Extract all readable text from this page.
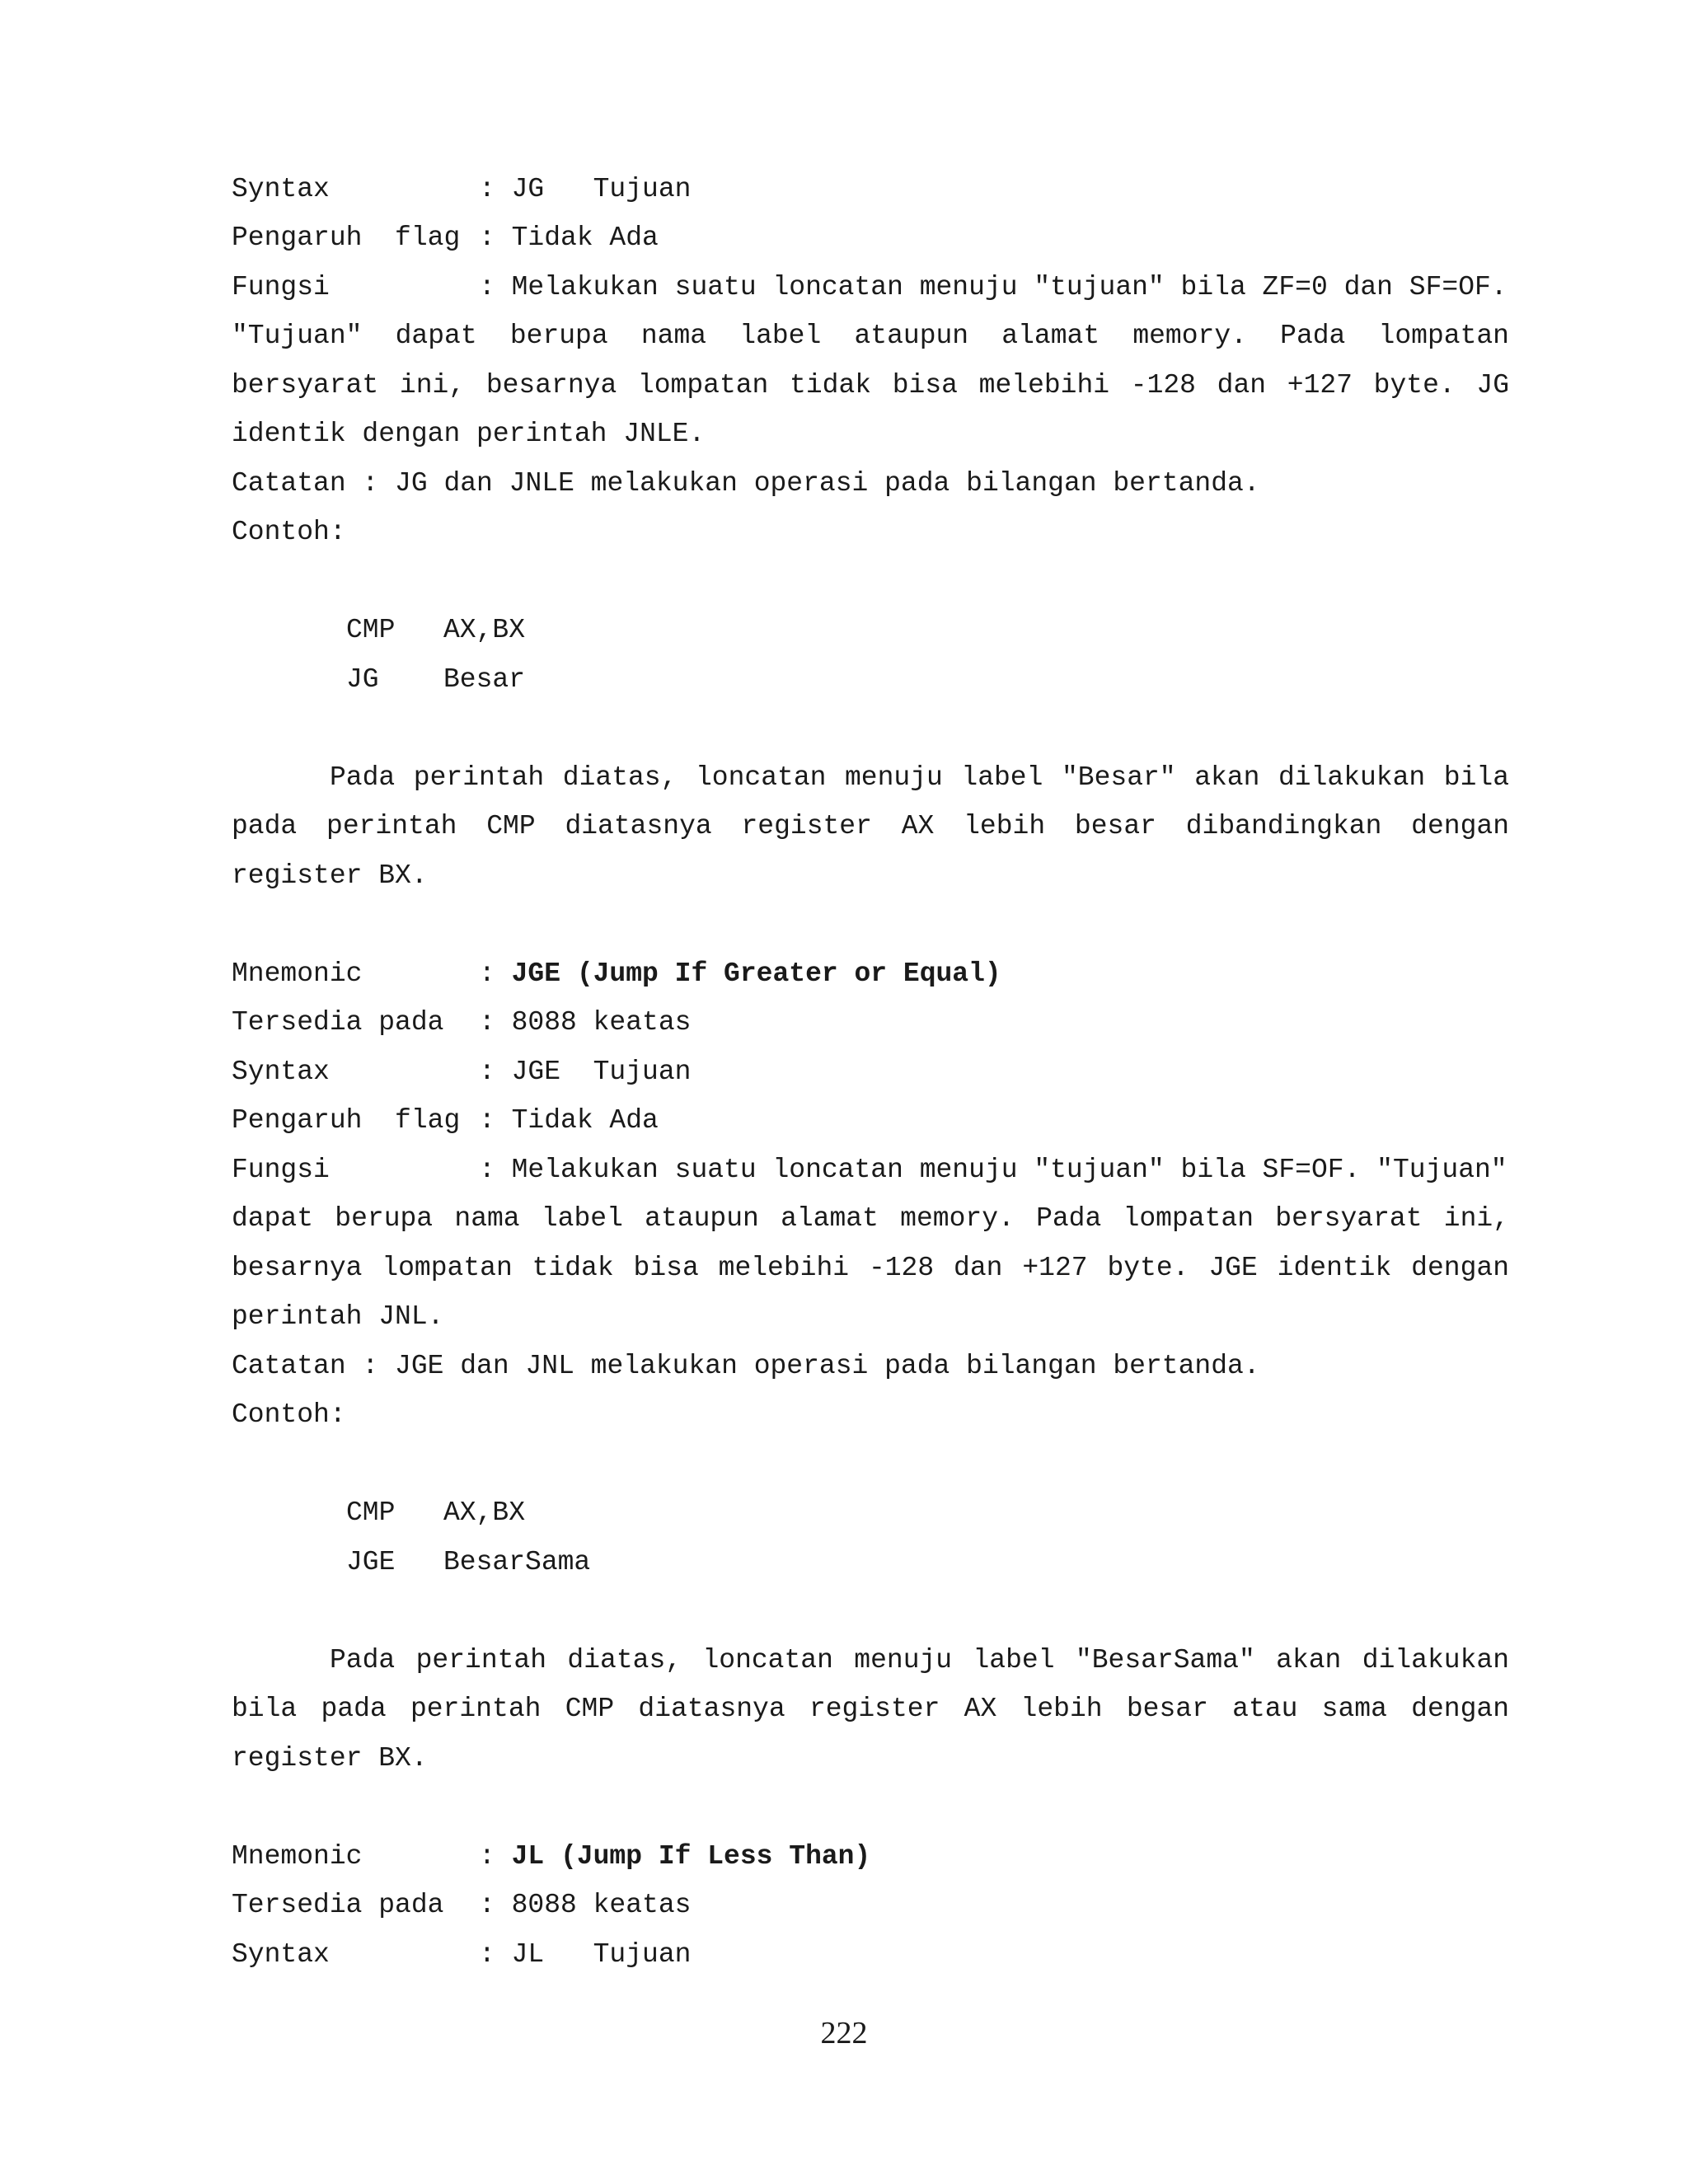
Syntax	: JG   Tujuan
Pengaruh  flag : Tidak Ada
Fungsi	: Melakukan suatu loncatan menuju "tujuan" bila ZF=0 dan SF=OF.
"Tujuan" dapat berupa nama label ataupun alamat memory. Pada lompatan
bersyarat ini, besarnya lompatan tidak bisa melebihi -128 dan +127 byte. JG
identik dengan perintah JNLE.
Catatan : JG dan JNLE melakukan operasi pada bilangan bertanda.
Contoh:
CMP AX,BX
JG Besar
Pada perintah diatas, loncatan menuju label "Besar" akan dilakukan bila
pada perintah CMP diatasnya register AX lebih besar dibandingkan dengan
register BX.
Mnemonic	: JGE (Jump If Greater or Equal)
Tersedia pada : 8088 keatas
Syntax	: JGE  Tujuan
Pengaruh  flag : Tidak Ada
Fungsi	: Melakukan suatu loncatan menuju "tujuan" bila SF=OF. "Tujuan"
dapat berupa nama label ataupun alamat memory. Pada lompatan bersyarat ini,
besarnya lompatan tidak bisa melebihi -128 dan +127 byte. JGE identik dengan
perintah JNL.
Catatan : JGE dan JNL melakukan operasi pada bilangan bertanda.
Contoh:
CMP AX,BX
JGE BesarSama
Pada perintah diatas, loncatan menuju label "BesarSama" akan dilakukan
bila pada perintah CMP diatasnya register AX lebih besar atau sama dengan
register BX.
Mnemonic	: JL (Jump If Less Than)
Tersedia pada : 8088 keatas
Syntax	: JL   Tujuan
222
